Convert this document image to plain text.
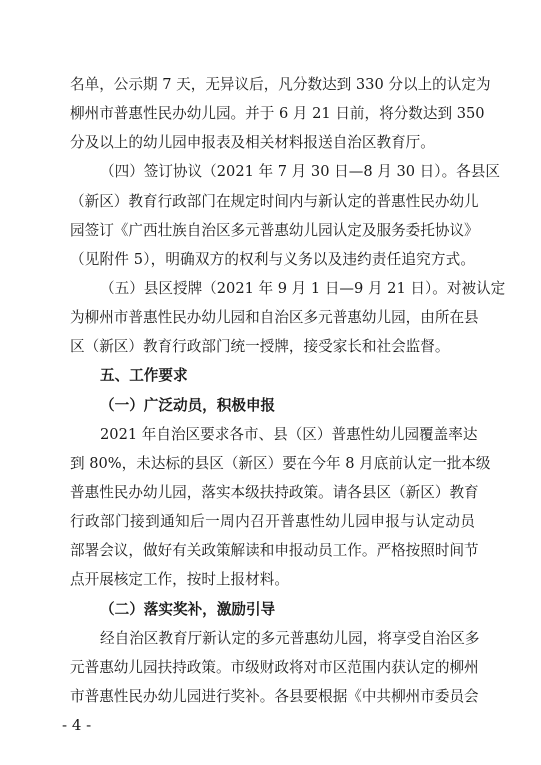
名单，公示期 7 天，无异议后，凡分数达到 330 分以上的认定为
柳州市普惠性民办幼儿园。并于 6 月 21 日前，将分数达到 350
分及以上的幼儿园申报表及相关材料报送自治区教育厅。
（四）签订协议（2021 年 7 月 30 日—8 月 30 日）。各县区
（新区）教育行政部门在规定时间内与新认定的普惠性民办幼儿
园签订《广西壮族自治区多元普惠幼儿园认定及服务委托协议》
（见附件 5），明确双方的权利与义务以及违约责任追究方式。
（五）县区授牌（2021 年 9 月 1 日—9 月 21 日）。对被认定
为柳州市普惠性民办幼儿园和自治区多元普惠幼儿园，由所在县
区（新区）教育行政部门统一授牌，接受家长和社会监督。
五、工作要求
（一）广泛动员，积极申报
2021 年自治区要求各市、县（区）普惠性幼儿园覆盖率达
到 80%，未达标的县区（新区）要在今年 8 月底前认定一批本级
普惠性民办幼儿园，落实本级扶持政策。请各县区（新区）教育
行政部门接到通知后一周内召开普惠性幼儿园申报与认定动员
部署会议，做好有关政策解读和申报动员工作。严格按照时间节
点开展核定工作，按时上报材料。
（二）落实奖补，激励引导
经自治区教育厅新认定的多元普惠幼儿园，将享受自治区多
元普惠幼儿园扶持政策。市级财政将对市区范围内获认定的柳州
市普惠性民办幼儿园进行奖补。各县要根据《中共柳州市委员会
- 4 -
